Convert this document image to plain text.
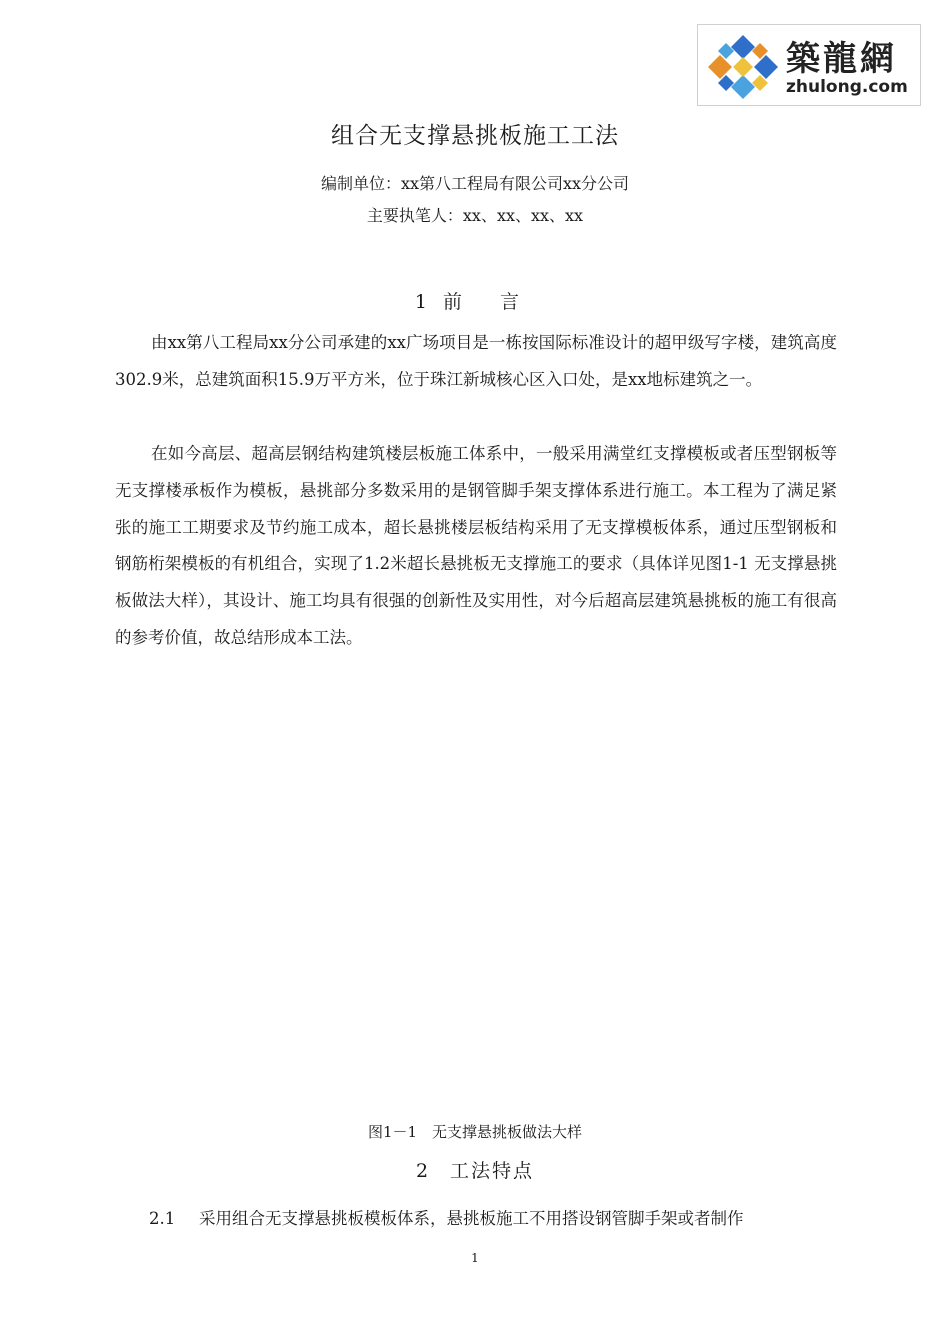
築龍網
zhulong.com
组合无支撑悬挑板施工工法
编制单位：xx第八工程局有限公司xx分公司
主要执笔人：xx、xx、xx、xx
1前 言

由xx第八工程局xx分公司承建的xx广场项目是一栋按国际标准设计的超甲级写字楼，建筑高度302.9米，总建筑面积15.9万平方米，位于珠江新城核心区入口处，是xx地标建筑之一。

在如今高层、超高层钢结构建筑楼层板施工体系中，一般采用满堂红支撑模板或者压型钢板等无支撑楼承板作为模板，悬挑部分多数采用的是钢管脚手架支撑体系进行施工。本工程为了满足紧张的施工工期要求及节约施工成本，超长悬挑楼层板结构采用了无支撑模板体系，通过压型钢板和钢筋桁架模板的有机组合，实现了1.2米超长悬挑板无支撑施工的要求（具体详见图1-1 无支撑悬挑板做法大样），其设计、施工均具有很强的创新性及实用性，对今后超高层建筑悬挑板的施工有很高的参考价值，故总结形成本工法。

图1－1　无支撑悬挑板做法大样
2工法特点
2.1 采用组合无支撑悬挑板模板体系，悬挑板施工不用搭设钢管脚手架或者制作
1
